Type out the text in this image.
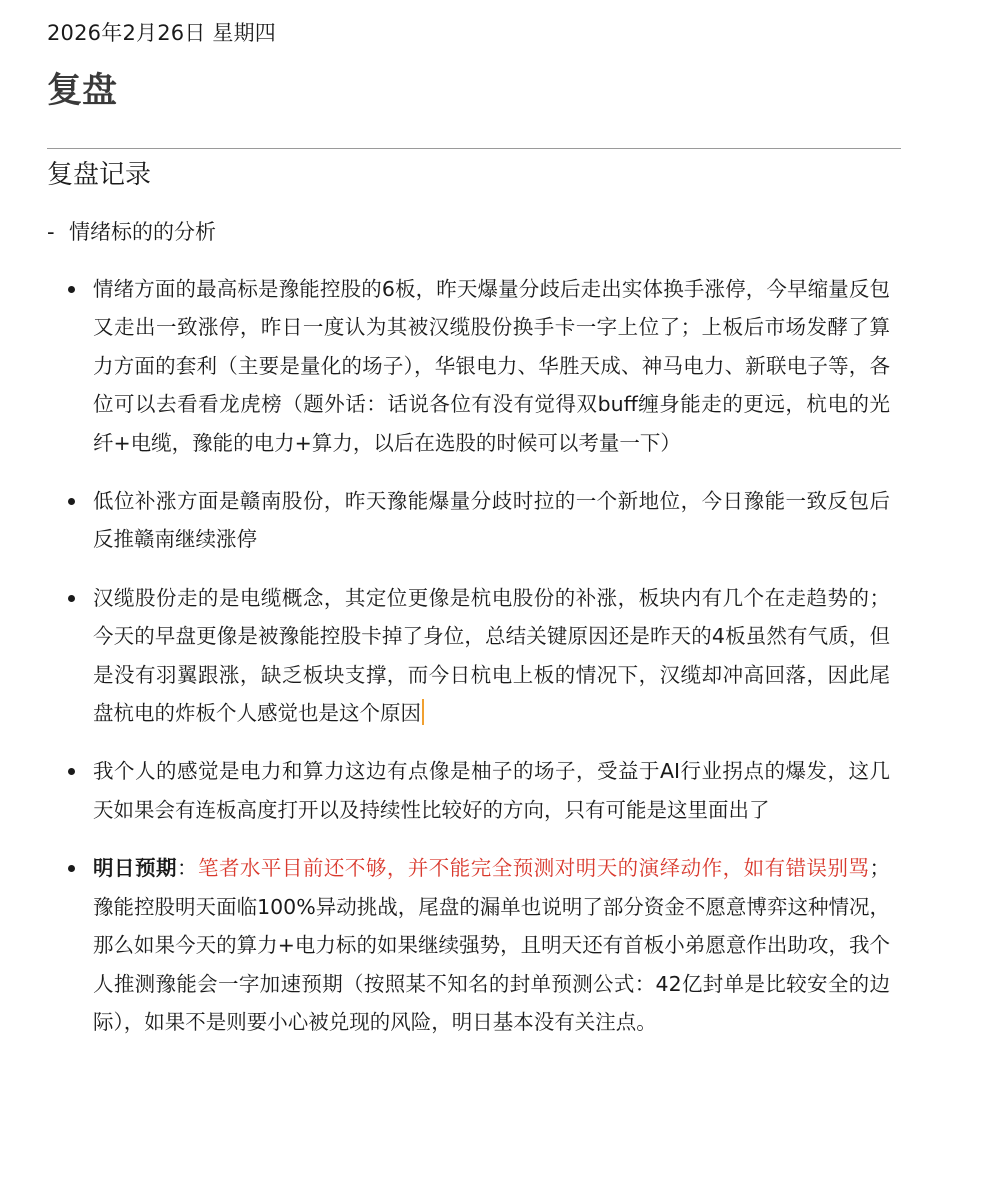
2026年2月26日 星期四
复盘
复盘记录
- 情绪标的的分析
情绪方面的最高标是豫能控股的6板，昨天爆量分歧后走出实体换手涨停，今早缩量反包又走出一致涨停，昨日一度认为其被汉缆股份换手卡一字上位了；上板后市场发酵了算力方面的套利（主要是量化的场子），华银电力、华胜天成、神马电力、新联电子等，各位可以去看看龙虎榜（题外话：话说各位有没有觉得双buff缠身能走的更远，杭电的光纤+电缆，豫能的电力+算力，以后在选股的时候可以考量一下）
低位补涨方面是赣南股份，昨天豫能爆量分歧时拉的一个新地位，今日豫能一致反包后反推赣南继续涨停
汉缆股份走的是电缆概念，其定位更像是杭电股份的补涨，板块内有几个在走趋势的；今天的早盘更像是被豫能控股卡掉了身位，总结关键原因还是昨天的4板虽然有气质，但是没有羽翼跟涨，缺乏板块支撑，而今日杭电上板的情况下，汉缆却冲高回落，因此尾盘杭电的炸板个人感觉也是这个原因
我个人的感觉是电力和算力这边有点像是柚子的场子，受益于AI行业拐点的爆发，这几天如果会有连板高度打开以及持续性比较好的方向，只有可能是这里面出了
明日预期：笔者水平目前还不够，并不能完全预测对明天的演绎动作，如有错误别骂；豫能控股明天面临100%异动挑战，尾盘的漏单也说明了部分资金不愿意博弈这种情况，那么如果今天的算力+电力标的如果继续强势，且明天还有首板小弟愿意作出助攻，我个人推测豫能会一字加速预期（按照某不知名的封单预测公式：42亿封单是比较安全的边际），如果不是则要小心被兑现的风险，明日基本没有关注点。
